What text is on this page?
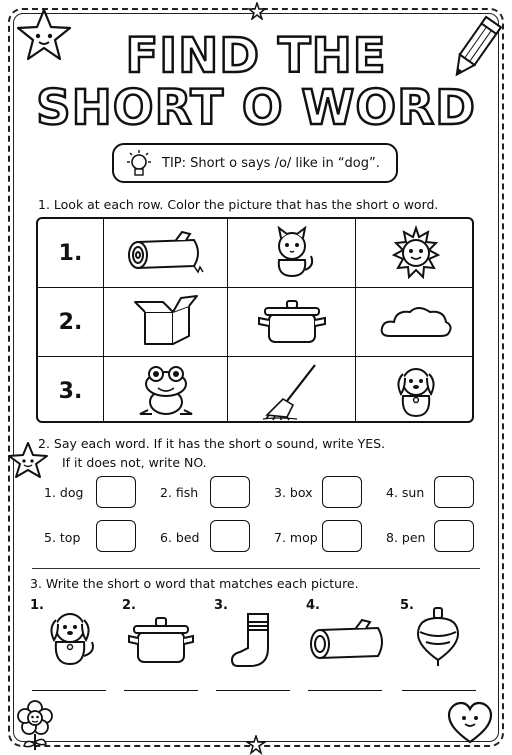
FIND THE
SHORT O WORD
TIP: Short o says /o/ like in “dog”.
1. Look at each row. Color the picture that has the short o word.
1.
2.
3.
2. Say each word. If it has the short o sound, write YES.
If it does not, write NO.
1. dog	2. fish	3. box	4. sun
5. top	6. bed	7. mop	8. pen
3. Write the short o word that matches each picture.
1.	2.	3.	4.	5.
